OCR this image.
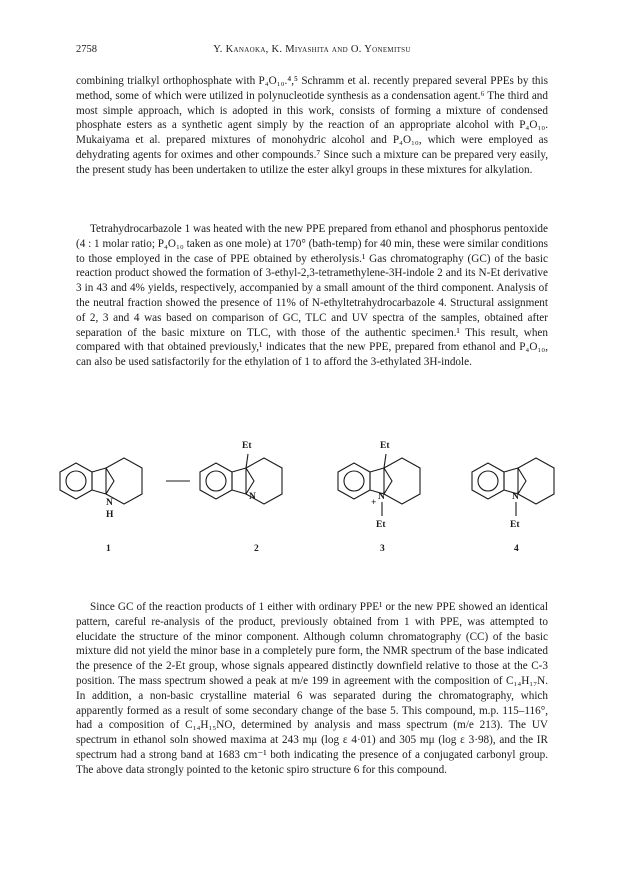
2758	Y. Kanaoka, K. Miyashita and O. Yonemitsu

combining trialkyl orthophosphate with P₄O₁₀.⁴,⁵ Schramm et al. recently prepared several PPEs by this method, some of which were utilized in polynucleotide synthesis as a condensation agent.⁶ The third and most simple approach, which is adopted in this work, consists of forming a mixture of condensed phosphate esters as a synthetic agent simply by the reaction of an appropriate alcohol with P₄O₁₀. Mukaiyama et al. prepared mixtures of monohydric alcohol and P₄O₁₀, which were employed as dehydrating agents for oximes and other compounds.⁷ Since such a mixture can be prepared very easily, the present study has been undertaken to utilize the ester alkyl groups in these mixtures for alkylation.

Tetrahydrocarbazole 1 was heated with the new PPE prepared from ethanol and phosphorus pentoxide (4 : 1 molar ratio; P₄O₁₀ taken as one mole) at 170° (bath-temp) for 40 min, these were similar conditions to those employed in the case of PPE obtained by etherolysis.¹ Gas chromatography (GC) of the basic reaction product showed the formation of 3-ethyl-2,3-tetramethylene-3H-indole 2 and its N-Et derivative 3 in 43 and 4% yields, respectively, accompanied by a small amount of the third component. Analysis of the neutral fraction showed the presence of 11% of N-ethyltetrahydrocarbazole 4. Structural assignment of 2, 3 and 4 was based on comparison of GC, TLC and UV spectra of the samples, obtained after separation of the basic mixture on TLC, with those of the authentic specimen.¹ This result, when compared with that obtained previously,¹ indicates that the new PPE, prepared from ethanol and P₄O₁₀, can also be used satisfactorily for the ethylation of 1 to afford the 3-ethylated 3H-indole.

N
H
1
Et
N
2
Et
+
N
Et
3
N
Et
4

Since GC of the reaction products of 1 either with ordinary PPE¹ or the new PPE showed an identical pattern, careful re-analysis of the product, previously obtained from 1 with PPE, was attempted to elucidate the structure of the minor component. Although column chromatography (CC) of the basic mixture did not yield the minor base in a completely pure form, the NMR spectrum of the base indicated the presence of the 2-Et group, whose signals appeared distinctly downfield relative to those at the C-3 position. The mass spectrum showed a peak at m/e 199 in agreement with the composition of C₁₄H₁₇N. In addition, a non-basic crystalline material 6 was separated during the chromatography, which apparently formed as a result of some secondary change of the base 5. This compound, m.p. 115–116°, had a composition of C₁₄H₁₅NO, determined by analysis and mass spectrum (m/e 213). The UV spectrum in ethanol soln showed maxima at 243 mμ (log ε 4·01) and 305 mμ (log ε 3·98), and the IR spectrum had a strong band at 1683 cm⁻¹ both indicating the presence of a conjugated carbonyl group. The above data strongly pointed to the ketonic spiro structure 6 for this compound.
